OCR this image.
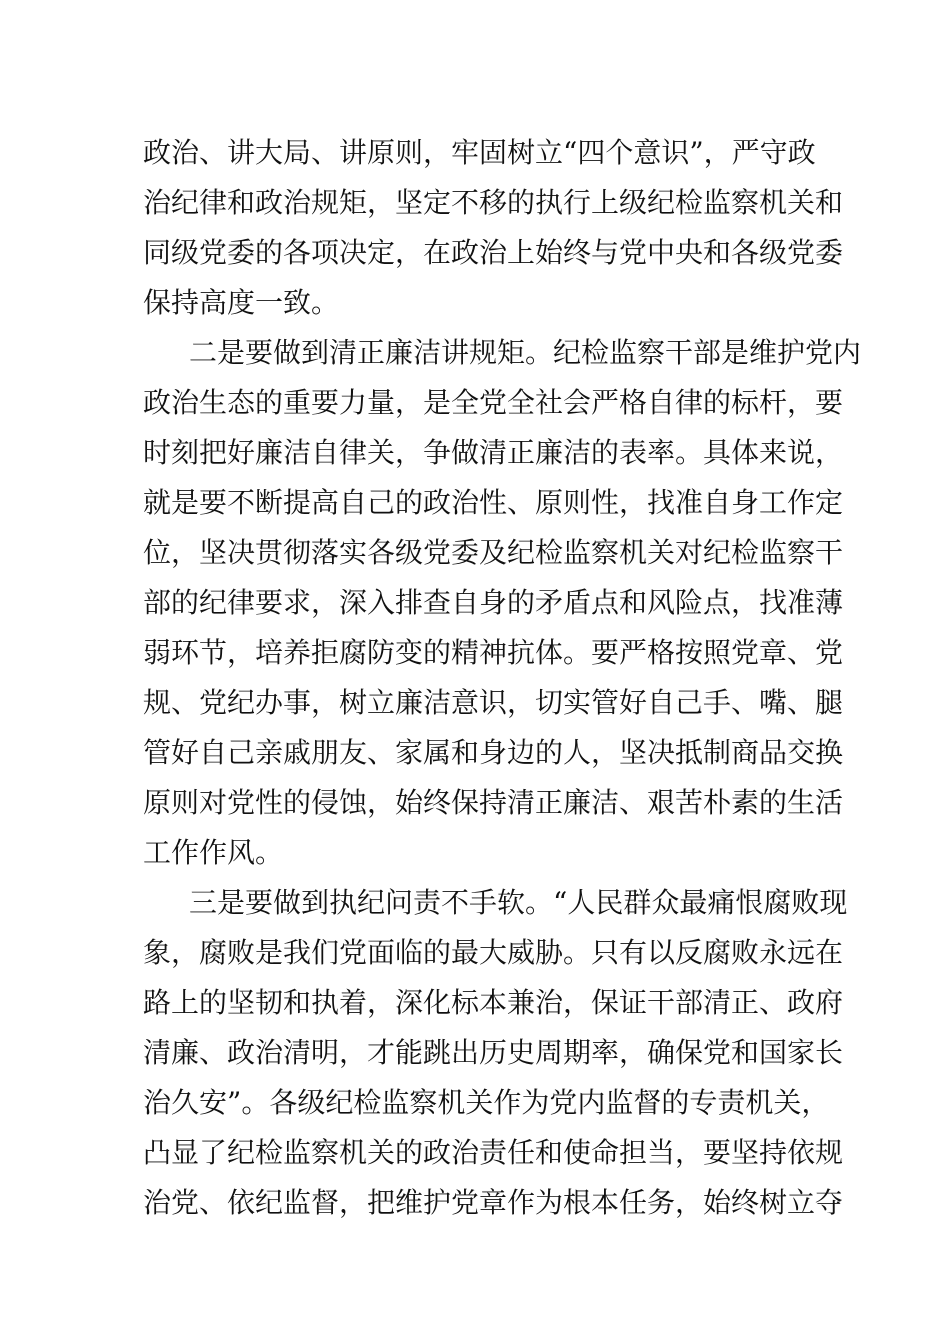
政治、讲大局、讲原则，牢固树立“四个意识”，严守政
治纪律和政治规矩，坚定不移的执行上级纪检监察机关和
同级党委的各项决定，在政治上始终与党中央和各级党委
保持高度一致。
二是要做到清正廉洁讲规矩。纪检监察干部是维护党内
政治生态的重要力量，是全党全社会严格自律的标杆，要
时刻把好廉洁自律关，争做清正廉洁的表率。具体来说，
就是要不断提高自己的政治性、原则性，找准自身工作定
位，坚决贯彻落实各级党委及纪检监察机关对纪检监察干
部的纪律要求，深入排查自身的矛盾点和风险点，找准薄
弱环节，培养拒腐防变的精神抗体。要严格按照党章、党
规、党纪办事，树立廉洁意识，切实管好自己手、嘴、腿
管好自己亲戚朋友、家属和身边的人，坚决抵制商品交换
原则对党性的侵蚀，始终保持清正廉洁、艰苦朴素的生活
工作作风。
三是要做到执纪问责不手软。“人民群众最痛恨腐败现
象，腐败是我们党面临的最大威胁。只有以反腐败永远在
路上的坚韧和执着，深化标本兼治，保证干部清正、政府
清廉、政治清明，才能跳出历史周期率，确保党和国家长
治久安”。各级纪检监察机关作为党内监督的专责机关，
凸显了纪检监察机关的政治责任和使命担当，要坚持依规
治党、依纪监督，把维护党章作为根本任务，始终树立夺
